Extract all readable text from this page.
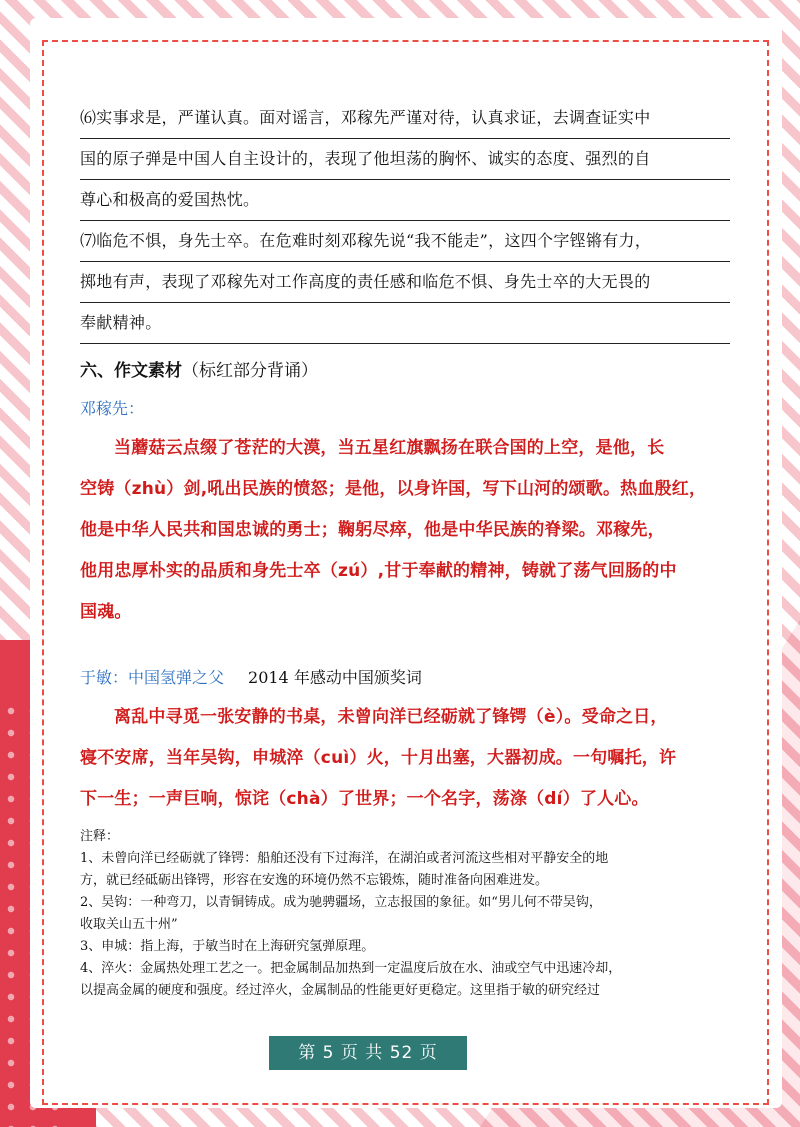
⑹实事求是，严谨认真。面对谣言，邓稼先严谨对待，认真求证，去调查证实中
国的原子弹是中国人自主设计的，表现了他坦荡的胸怀、诚实的态度、强烈的自
尊心和极高的爱国热忱。
⑺临危不惧，身先士卒。在危难时刻邓稼先说“我不能走”，这四个字铿锵有力，
掷地有声，表现了邓稼先对工作高度的责任感和临危不惧、身先士卒的大无畏的
奉献精神。
六、作文素材（标红部分背诵）
邓稼先：
当蘑菇云点缀了苍茫的大漠，当五星红旗飘扬在联合国的上空，是他，长
空铸（zhù）剑,吼出民族的愤怒；是他，以身许国，写下山河的颂歌。热血殷红，
他是中华人民共和国忠诚的勇士；鞠躬尽瘁，他是中华民族的脊梁。邓稼先，
他用忠厚朴实的品质和身先士卒（zú）,甘于奉献的精神，铸就了荡气回肠的中
国魂。
于敏：中国氢弹之父 2014 年感动中国颁奖词
离乱中寻觅一张安静的书桌，未曾向洋已经砺就了锋锷（è）。受命之日，
寝不安席，当年吴钩，申城淬（cuì）火，十月出塞，大器初成。一句嘱托，许
下一生；一声巨响，惊诧（chà）了世界；一个名字，荡涤（dí）了人心。
注释：
1、未曾向洋已经砺就了锋锷：船舶还没有下过海洋，在湖泊或者河流这些相对平静安全的地
方，就已经砥砺出锋锷，形容在安逸的环境仍然不忘锻炼，随时准备向困难进发。
2、吴钩：一种弯刀，以青铜铸成。成为驰骋疆场，立志报国的象征。如“男儿何不带吴钩，
收取关山五十州”
3、申城：指上海，于敏当时在上海研究氢弹原理。
4、淬火：金属热处理工艺之一。把金属制品加热到一定温度后放在水、油或空气中迅速冷却，
以提高金属的硬度和强度。经过淬火，金属制品的性能更好更稳定。这里指于敏的研究经过
第 5 页 共 52 页
